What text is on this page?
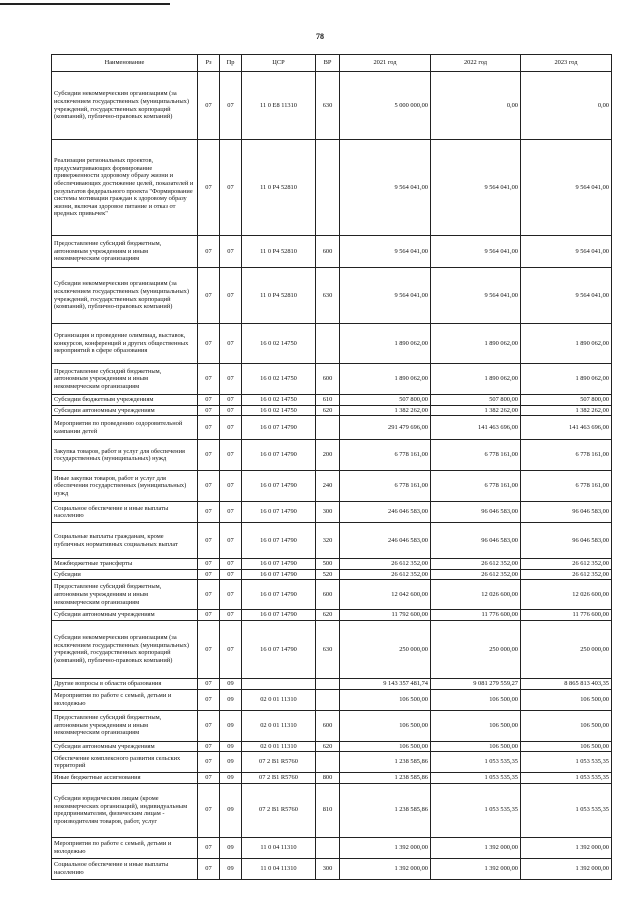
78
Наименование	Рз	Пр	ЦСР	ВР	2021 год	2022 год	2023 год
Субсидии некоммерческим организациям (за исключением государственных (муниципальных) учреждений, государственных корпораций (компаний), публично-правовых компаний)	07	07	11 0 E8 11310	630	5 000 000,00	0,00	0,00
Реализация региональных проектов, предусматривающих формирование приверженности здоровому образу жизни и обеспечивающих достижение целей, показателей и результатов федерального проекта "Формирование системы мотивации граждан к здоровому образу жизни, включая здоровое питание и отказ от вредных привычек"	07	07	11 0 P4 52810		9 564 041,00	9 564 041,00	9 564 041,00
Предоставление субсидий бюджетным, автономным учреждениям и иным некоммерческим организациям	07	07	11 0 P4 52810	600	9 564 041,00	9 564 041,00	9 564 041,00
Субсидии некоммерческим организациям (за исключением государственных (муниципальных) учреждений, государственных корпораций (компаний), публично-правовых компаний)	07	07	11 0 P4 52810	630	9 564 041,00	9 564 041,00	9 564 041,00
Организация и проведение олимпиад, выставок, конкурсов, конференций и других общественных мероприятий в сфере образования	07	07	16 0 02 14750		1 890 062,00	1 890 062,00	1 890 062,00
Предоставление субсидий бюджетным, автономным учреждениям и иным некоммерческим организациям	07	07	16 0 02 14750	600	1 890 062,00	1 890 062,00	1 890 062,00
Субсидии бюджетным учреждениям	07	07	16 0 02 14750	610	507 800,00	507 800,00	507 800,00
Субсидии автономным учреждениям	07	07	16 0 02 14750	620	1 382 262,00	1 382 262,00	1 382 262,00
Мероприятия по проведению оздоровительной кампании детей	07	07	16 0 07 14790		291 479 696,00	141 463 696,00	141 463 696,00
Закупка товаров, работ и услуг для обеспечения государственных (муниципальных) нужд	07	07	16 0 07 14790	200	6 778 161,00	6 778 161,00	6 778 161,00
Иные закупки товаров, работ и услуг для обеспечения государственных (муниципальных) нужд	07	07	16 0 07 14790	240	6 778 161,00	6 778 161,00	6 778 161,00
Социальное обеспечение и иные выплаты населению	07	07	16 0 07 14790	300	246 046 583,00	96 046 583,00	96 046 583,00
Социальные выплаты гражданам, кроме публичных нормативных социальных выплат	07	07	16 0 07 14790	320	246 046 583,00	96 046 583,00	96 046 583,00
Межбюджетные трансферты	07	07	16 0 07 14790	500	26 612 352,00	26 612 352,00	26 612 352,00
Субсидии	07	07	16 0 07 14790	520	26 612 352,00	26 612 352,00	26 612 352,00
Предоставление субсидий бюджетным, автономным учреждениям и иным некоммерческим организациям	07	07	16 0 07 14790	600	12 042 600,00	12 026 600,00	12 026 600,00
Субсидии автономным учреждениям	07	07	16 0 07 14790	620	11 792 600,00	11 776 600,00	11 776 600,00
Субсидии некоммерческим организациям (за исключением государственных (муниципальных) учреждений, государственных корпораций (компаний), публично-правовых компаний)	07	07	16 0 07 14790	630	250 000,00	250 000,00	250 000,00
Другие вопросы в области образования	07	09			9 143 357 481,74	9 081 279 559,27	8 865 813 403,35
Мероприятия по работе с семьей, детьми и молодежью	07	09	02 0 01 11310		106 500,00	106 500,00	106 500,00
Предоставление субсидий бюджетным, автономным учреждениям и иным некоммерческим организациям	07	09	02 0 01 11310	600	106 500,00	106 500,00	106 500,00
Субсидии автономным учреждениям	07	09	02 0 01 11310	620	106 500,00	106 500,00	106 500,00
Обеспечение комплексного развития сельских территорий	07	09	07 2 B1 R5760		1 238 585,86	1 053 535,35	1 053 535,35
Иные бюджетные ассигнования	07	09	07 2 B1 R5760	800	1 238 585,86	1 053 535,35	1 053 535,35
Субсидии юридическим лицам (кроме некоммерческих организаций), индивидуальным предпринимателям, физическим лицам - производителям товаров, работ, услуг	07	09	07 2 B1 R5760	810	1 238 585,86	1 053 535,35	1 053 535,35
Мероприятия по работе с семьей, детьми и молодежью	07	09	11 0 04 11310		1 392 000,00	1 392 000,00	1 392 000,00
Социальное обеспечение и иные выплаты населению	07	09	11 0 04 11310	300	1 392 000,00	1 392 000,00	1 392 000,00
